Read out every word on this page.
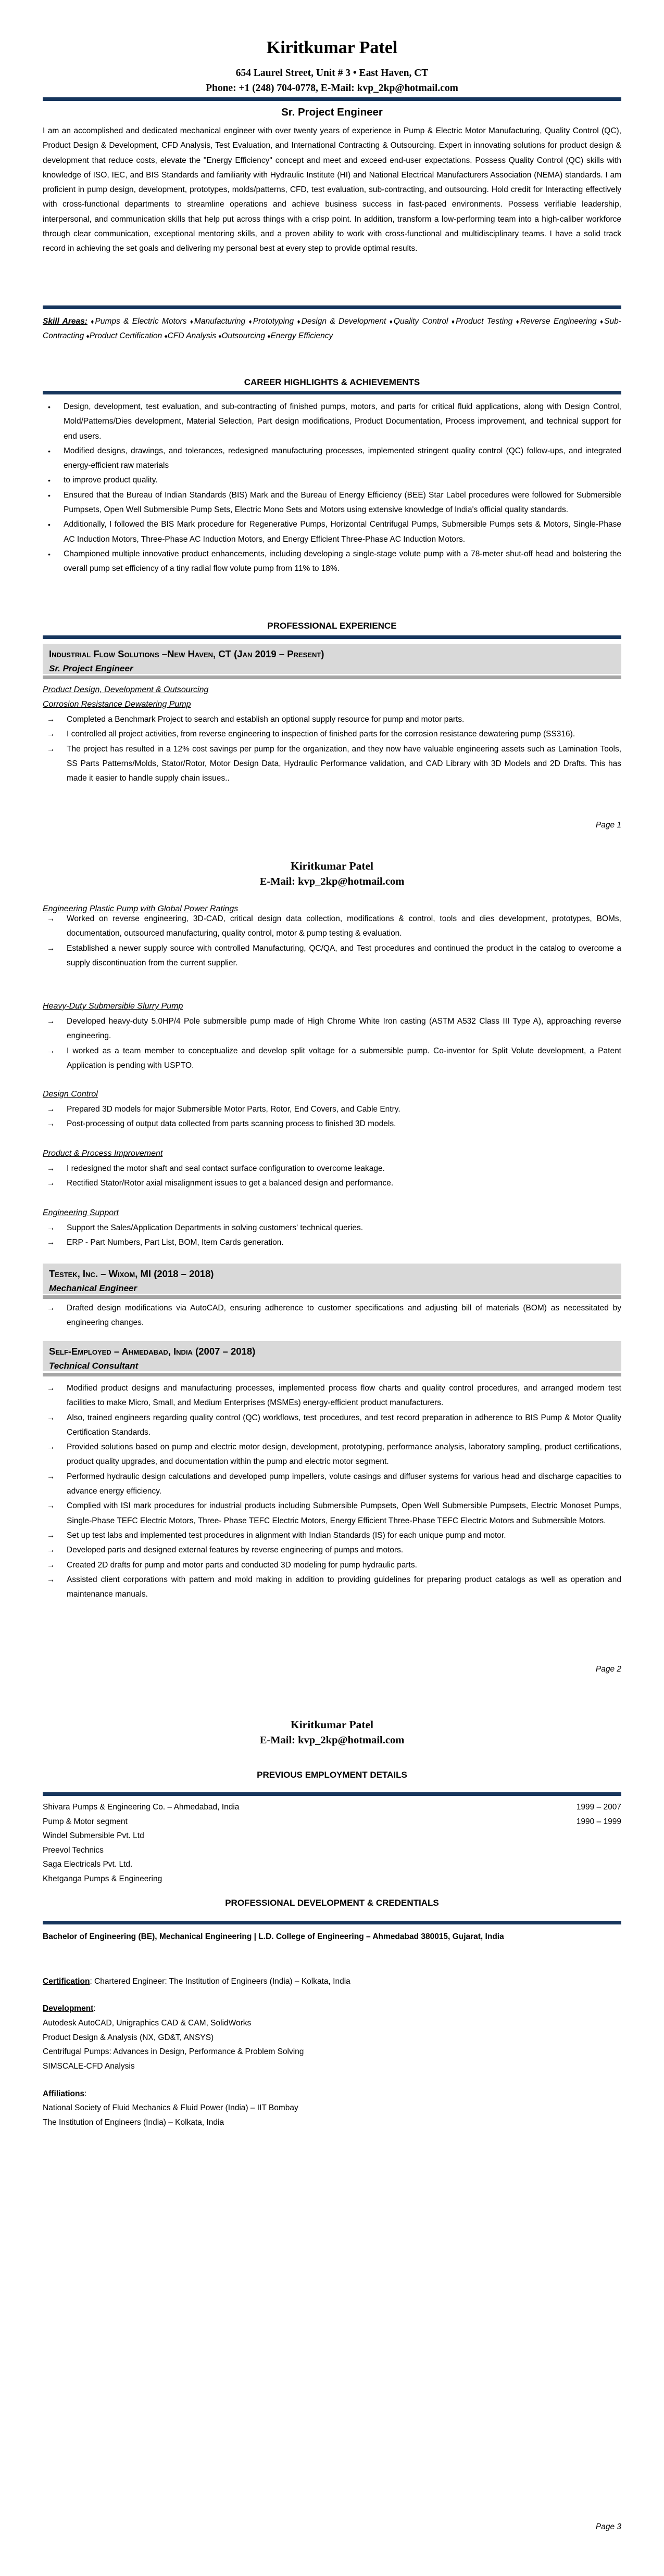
Kiritkumar Patel
654 Laurel Street, Unit # 3 • East Haven, CT
Phone: +1 (248) 704-0778, E-Mail: kvp_2kp@hotmail.com
Sr. Project Engineer

I am an accomplished and dedicated mechanical engineer with over twenty years of experience in Pump & Electric Motor Manufacturing, Quality Control (QC), Product Design & Development, CFD Analysis, Test Evaluation, and International Contracting & Outsourcing. Expert in innovating solutions for product design & development that reduce costs, elevate the "Energy Efficiency" concept and meet and exceed end-user expectations. Possess Quality Control (QC) skills with knowledge of ISO, IEC, and BIS Standards and familiarity with Hydraulic Institute (HI) and National Electrical Manufacturers Association (NEMA) standards. I am proficient in pump design, development, prototypes, molds/patterns, CFD, test evaluation, sub-contracting, and outsourcing. Hold credit for Interacting effectively with cross-functional departments to streamline operations and achieve business success in fast-paced environments. Possess verifiable leadership, interpersonal, and communication skills that help put across things with a crisp point. In addition, transform a low-performing team into a high-caliber workforce through clear communication, exceptional mentoring skills, and a proven ability to work with cross-functional and multidisciplinary teams. I have a solid track record in achieving the set goals and delivering my personal best at every step to provide optimal results.

Skill Areas: ♦Pumps & Electric Motors ♦Manufacturing ♦Prototyping ♦Design & Development ♦Quality Control ♦Product Testing ♦Reverse Engineering ♦Sub-Contracting ♦Product Certification ♦CFD Analysis ♦Outsourcing ♦Energy Efficiency

CAREER HIGHLIGHTS & ACHIEVEMENTS
• Design, development, test evaluation, and sub-contracting of finished pumps, motors, and parts for critical fluid applications, along with Design Control, Mold/Patterns/Dies development, Material Selection, Part design modifications, Product Documentation, Process improvement, and technical support for end users.
• Modified designs, drawings, and tolerances, redesigned manufacturing processes, implemented stringent quality control (QC) follow-ups, and integrated energy-efficient raw materials
• to improve product quality.
• Ensured that the Bureau of Indian Standards (BIS) Mark and the Bureau of Energy Efficiency (BEE) Star Label procedures were followed for Submersible Pumpsets, Open Well Submersible Pump Sets, Electric Mono Sets and Motors using extensive knowledge of India's official quality standards.
• Additionally, I followed the BIS Mark procedure for Regenerative Pumps, Horizontal Centrifugal Pumps, Submersible Pumps sets & Motors, Single-Phase AC Induction Motors, Three-Phase AC Induction Motors, and Energy Efficient Three-Phase AC Induction Motors.
• Championed multiple innovative product enhancements, including developing a single-stage volute pump with a 78-meter shut-off head and bolstering the overall pump set efficiency of a tiny radial flow volute pump from 11% to 18%.
PROFESSIONAL EXPERIENCE
Industrial Flow Solutions –New Haven, CT (Jan 2019 – Present)
Sr. Project Engineer
Product Design, Development & Outsourcing
Corrosion Resistance Dewatering Pump
→ Completed a Benchmark Project to search and establish an optional supply resource for pump and motor parts.
→ I controlled all project activities, from reverse engineering to inspection of finished parts for the corrosion resistance dewatering pump (SS316).
→ The project has resulted in a 12% cost savings per pump for the organization, and they now have valuable engineering assets such as Lamination Tools, SS Parts Patterns/Molds, Stator/Rotor, Motor Design Data, Hydraulic Performance validation, and CAD Library with 3D Models and 2D Drafts. This has made it easier to handle supply chain issues..
Page 1
Kiritkumar Patel
E-Mail: kvp_2kp@hotmail.com
Engineering Plastic Pump with Global Power Ratings
→ Worked on reverse engineering, 3D-CAD, critical design data collection, modifications & control, tools and dies development, prototypes, BOMs, documentation, outsourced manufacturing, quality control, motor & pump testing & evaluation.
→ Established a newer supply source with controlled Manufacturing, QC/QA, and Test procedures and continued the product in the catalog to overcome a supply discontinuation from the current supplier.
Heavy-Duty Submersible Slurry Pump
→ Developed heavy-duty 5.0HP/4 Pole submersible pump made of High Chrome White Iron casting (ASTM A532 Class III Type A), approaching reverse engineering.
→ I worked as a team member to conceptualize and develop split voltage for a submersible pump. Co-inventor for Split Volute development, a Patent Application is pending with USPTO.
Design Control
→ Prepared 3D models for major Submersible Motor Parts, Rotor, End Covers, and Cable Entry.
→ Post-processing of output data collected from parts scanning process to finished 3D models.
Product & Process Improvement
→ I redesigned the motor shaft and seal contact surface configuration to overcome leakage.
→ Rectified Stator/Rotor axial misalignment issues to get a balanced design and performance.
Engineering Support
→ Support the Sales/Application Departments in solving customers' technical queries.
→ ERP - Part Numbers, Part List, BOM, Item Cards generation.
Testek, Inc. – Wixom, MI (2018 – 2018)
Mechanical Engineer
→ Drafted design modifications via AutoCAD, ensuring adherence to customer specifications and adjusting bill of materials (BOM) as necessitated by engineering changes.
Self-Employed – Ahmedabad, India (2007 – 2018)
Technical Consultant
→ Modified product designs and manufacturing processes, implemented process flow charts and quality control procedures, and arranged modern test facilities to make Micro, Small, and Medium Enterprises (MSMEs) energy-efficient product manufacturers.
→ Also, trained engineers regarding quality control (QC) workflows, test procedures, and test record preparation in adherence to BIS Pump & Motor Quality Certification Standards.
→ Provided solutions based on pump and electric motor design, development, prototyping, performance analysis, laboratory sampling, product certifications, product quality upgrades, and documentation within the pump and electric motor segment.
→ Performed hydraulic design calculations and developed pump impellers, volute casings and diffuser systems for various head and discharge capacities to advance energy efficiency.
→ Complied with ISI mark procedures for industrial products including Submersible Pumpsets, Open Well Submersible Pumpsets, Electric Monoset Pumps, Single-Phase TEFC Electric Motors, Three- Phase TEFC Electric Motors, Energy Efficient Three-Phase TEFC Electric Motors and Submersible Motors.
→ Set up test labs and implemented test procedures in alignment with Indian Standards (IS) for each unique pump and motor.
→ Developed parts and designed external features by reverse engineering of pumps and motors.
→ Created 2D drafts for pump and motor parts and conducted 3D modeling for pump hydraulic parts.
→ Assisted client corporations with pattern and mold making in addition to providing guidelines for preparing product catalogs as well as operation and maintenance manuals.
Page 2
Kiritkumar Patel
E-Mail: kvp_2kp@hotmail.com
PREVIOUS EMPLOYMENT DETAILS
Shivara Pumps & Engineering Co. – Ahmedabad, India	1999 – 2007
Pump & Motor segment	1990 – 1999
Windel Submersible Pvt. Ltd
Preevol Technics
Saga Electricals Pvt. Ltd.
Khetganga Pumps & Engineering
PROFESSIONAL DEVELOPMENT & CREDENTIALS

Bachelor of Engineering (BE), Mechanical Engineering | L.D. College of Engineering – Ahmedabad 380015, Gujarat, India

Certification: Chartered Engineer: The Institution of Engineers (India) – Kolkata, India

Development:

Autodesk AutoCAD, Unigraphics CAD & CAM, SolidWorks
Product Design & Analysis (NX, GD&T, ANSYS)
Centrifugal Pumps: Advances in Design, Performance & Problem Solving
SIMSCALE-CFD Analysis

Affiliations:

National Society of Fluid Mechanics & Fluid Power (India) – IIT Bombay
The Institution of Engineers (India) – Kolkata, India
Page 3
